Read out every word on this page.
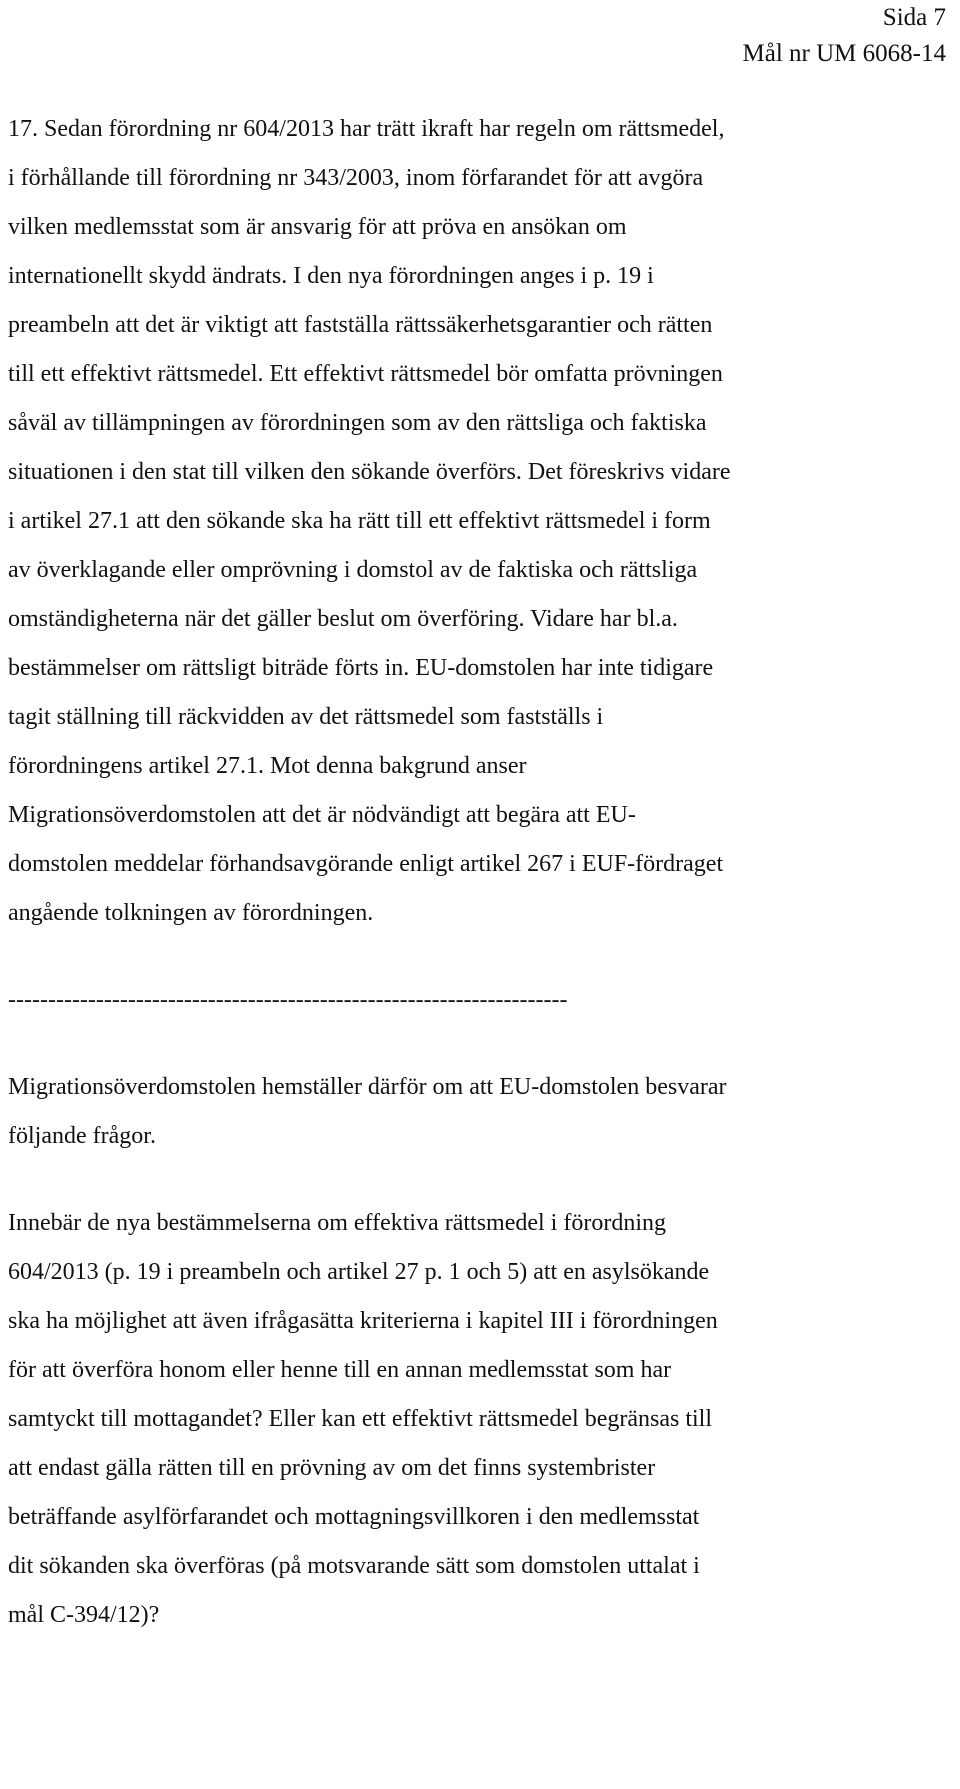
Sida 7
Mål nr UM 6068-14

17. Sedan förordning nr 604/2013 har trätt ikraft har regeln om rättsmedel,
i förhållande till förordning nr 343/2003, inom förfarandet för att avgöra
vilken medlemsstat som är ansvarig för att pröva en ansökan om
internationellt skydd ändrats. I den nya förordningen anges i p. 19 i
preambeln att det är viktigt att fastställa rättssäkerhetsgarantier och rätten
till ett effektivt rättsmedel. Ett effektivt rättsmedel bör omfatta prövningen
såväl av tillämpningen av förordningen som av den rättsliga och faktiska
situationen i den stat till vilken den sökande överförs. Det föreskrivs vidare
i artikel 27.1 att den sökande ska ha rätt till ett effektivt rättsmedel i form
av överklagande eller omprövning i domstol av de faktiska och rättsliga
omständigheterna när det gäller beslut om överföring. Vidare har bl.a.
bestämmelser om rättsligt biträde förts in. EU-domstolen har inte tidigare
tagit ställning till räckvidden av det rättsmedel som fastställs i
förordningens artikel 27.1. Mot denna bakgrund anser
Migrationsöverdomstolen att det är nödvändigt att begära att EU-
domstolen meddelar förhandsavgörande enligt artikel 267 i EUF-fördraget
angående tolkningen av förordningen.

----------------------------------------------------------------------

Migrationsöverdomstolen hemställer därför om att EU-domstolen besvarar
följande frågor.

Innebär de nya bestämmelserna om effektiva rättsmedel i förordning
604/2013 (p. 19 i preambeln och artikel 27 p. 1 och 5) att en asylsökande
ska ha möjlighet att även ifrågasätta kriterierna i kapitel III i förordningen
för att överföra honom eller henne till en annan medlemsstat som har
samtyckt till mottagandet? Eller kan ett effektivt rättsmedel begränsas till
att endast gälla rätten till en prövning av om det finns systembrister
beträffande asylförfarandet och mottagningsvillkoren i den medlemsstat
dit sökanden ska överföras (på motsvarande sätt som domstolen uttalat i
mål C-394/12)?
